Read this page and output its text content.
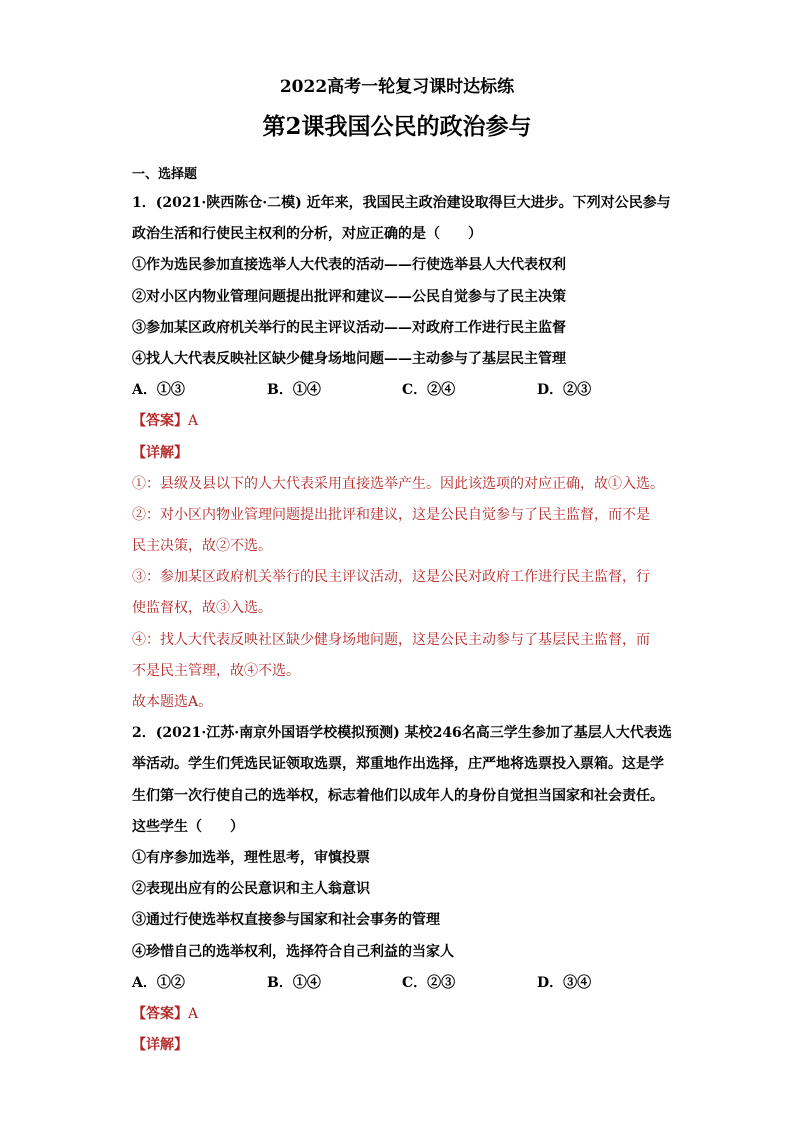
2022高考一轮复习课时达标练
第2课我国公民的政治参与
一、选择题
1．(2021·陕西陈仓·二模) 近年来，我国民主政治建设取得巨大进步。下列对公民参与
政治生活和行使民主权利的分析，对应正确的是（　　）
①作为选民参加直接选举人大代表的活动——行使选举县人大代表权利
②对小区内物业管理问题提出批评和建议——公民自觉参与了民主决策
③参加某区政府机关举行的民主评议活动——对政府工作进行民主监督
④找人大代表反映社区缺少健身场地问题——主动参与了基层民主管理
A．①③	B．①④	C．②④	D．②③
【答案】A
【详解】
①：县级及县以下的人大代表采用直接选举产生。因此该选项的对应正确，故①入选。
②：对小区内物业管理问题提出批评和建议，这是公民自觉参与了民主监督，而不是
民主决策，故②不选。
③：参加某区政府机关举行的民主评议活动，这是公民对政府工作进行民主监督，行
使监督权，故③入选。
④：找人大代表反映社区缺少健身场地问题，这是公民主动参与了基层民主监督，而
不是民主管理，故④不选。
故本题选A。
2．(2021·江苏·南京外国语学校模拟预测) 某校246名高三学生参加了基层人大代表选
举活动。学生们凭选民证领取选票，郑重地作出选择，庄严地将选票投入票箱。这是学
生们第一次行使自己的选举权，标志着他们以成年人的身份自觉担当国家和社会责任。
这些学生（　　）
①有序参加选举，理性思考，审慎投票
②表现出应有的公民意识和主人翁意识
③通过行使选举权直接参与国家和社会事务的管理
④珍惜自己的选举权利，选择符合自己利益的当家人
A．①②	B．①④	C．②③	D．③④
【答案】A
【详解】
